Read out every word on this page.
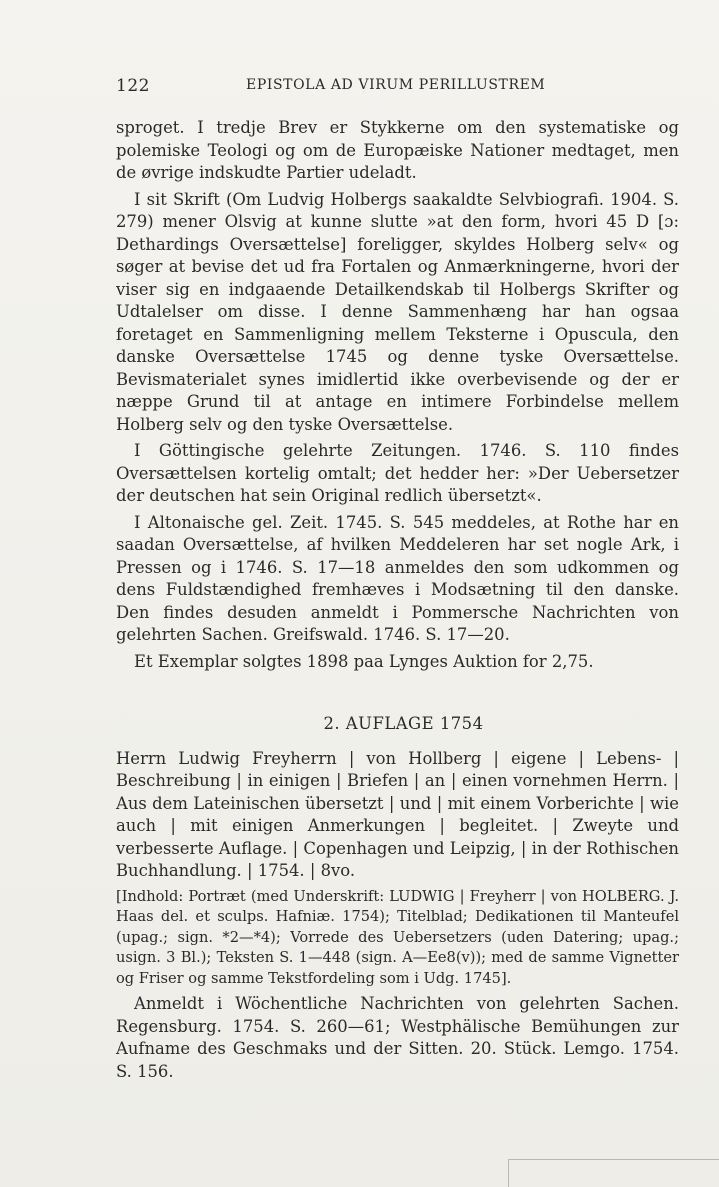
122	EPISTOLA AD VIRUM PERILLUSTREM

sproget. I tredje Brev er Stykkerne om den systematiske og polemiske Teologi og om de Europæiske Nationer medtaget, men de øvrige indskudte Partier udeladt.

I sit Skrift (Om Ludvig Holbergs saakaldte Selvbiografi. 1904. S. 279) mener Olsvig at kunne slutte »at den form, hvori 45 D [ɔ: Dethardings Oversættelse] foreligger, skyldes Holberg selv« og søger at bevise det ud fra Fortalen og Anmærkningerne, hvori der viser sig en indgaaende Detailkendskab til Holbergs Skrifter og Udtalelser om disse. I denne Sammenhæng har han ogsaa foretaget en Sammenligning mellem Teksterne i Opuscula, den danske Oversættelse 1745 og denne tyske Oversættelse. Bevismaterialet synes imidlertid ikke overbevisende og der er næppe Grund til at antage en intimere Forbindelse mellem Holberg selv og den tyske Oversættelse.

I Göttingische gelehrte Zeitungen. 1746. S. 110 findes Oversættelsen kortelig omtalt; det hedder her: »Der Uebersetzer der deutschen hat sein Original redlich übersetzt«.

I Altonaische gel. Zeit. 1745. S. 545 meddeles, at Rothe har en saadan Oversættelse, af hvilken Meddeleren har set nogle Ark, i Pressen og i 1746. S. 17—18 anmeldes den som udkommen og dens Fuldstændighed fremhæves i Modsætning til den danske. Den findes desuden anmeldt i Pommersche Nachrichten von gelehrten Sachen. Greifswald. 1746. S. 17—20.

Et Exemplar solgtes 1898 paa Lynges Auktion for 2,75.

2. AUFLAGE 1754

Herrn Ludwig Freyherrn | von Hollberg | eigene | Lebens- | Beschreibung | in einigen | Briefen | an | einen vornehmen Herrn. | Aus dem Lateinischen übersetzt | und | mit einem Vorberichte | wie auch | mit einigen Anmerkungen | begleitet. | Zweyte und verbesserte Auflage. | Copenhagen und Leipzig, | in der Rothischen Buchhandlung. | 1754. | 8vo.

[Indhold: Portræt (med Underskrift: LUDWIG | Freyherr | von HOLBERG. J. Haas del. et sculps. Hafniæ. 1754); Titelblad; Dedikationen til Manteufel (upag.; sign. *2—*4); Vorrede des Uebersetzers (uden Datering; upag.; usign. 3 Bl.); Teksten S. 1—448 (sign. A—Ee8(v)); med de samme Vignetter og Friser og samme Tekstfordeling som i Udg. 1745].

Anmeldt i Wöchentliche Nachrichten von gelehrten Sachen. Regensburg. 1754. S. 260—61; Westphälische Bemühungen zur Aufname des Geschmaks und der Sitten. 20. Stück. Lemgo. 1754. S. 156.
